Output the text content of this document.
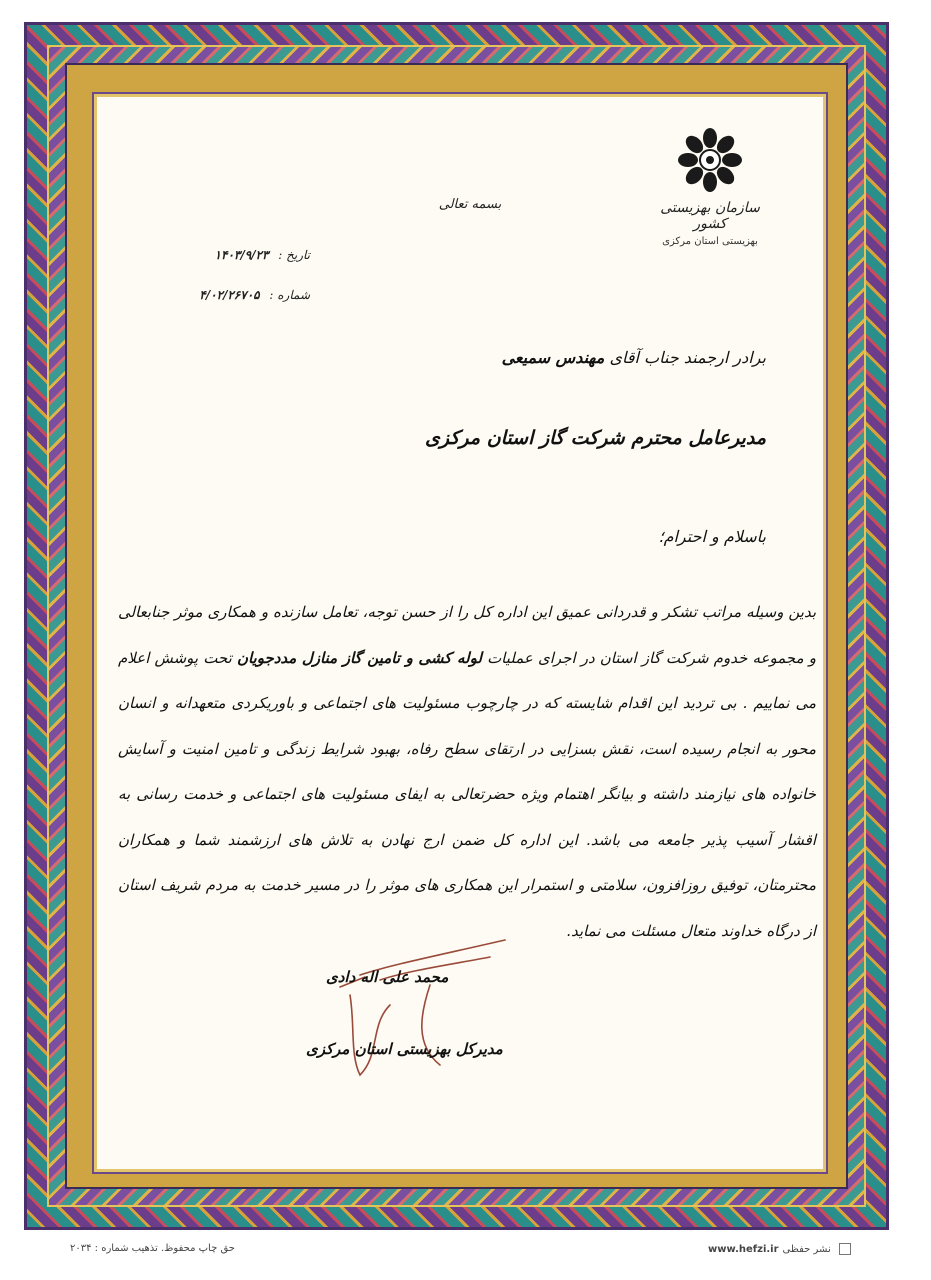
سازمان بهزیستی کشور
بهزیستی استان مرکزی
بسمه تعالی
تاریخ : ۱۴۰۳/۹/۲۳
شماره : ۴/۰۲/۲۶۷۰۵
برادر ارجمند جناب آقای مهندس سمیعی
مدیرعامل محترم شرکت گاز استان مرکزی
باسلام و احترام؛
بدین وسیله مراتب تشکر و قدردانی عمیق این اداره کل را از حسن توجه، تعامل سازنده و همکاری موثر جنابعالی و مجموعه خدوم شرکت گاز استان در اجرای عملیات لوله کشی و تامین گاز منازل مددجویان تحت پوشش اعلام می نماییم . بی تردید این اقدام شایسته که در چارچوب مسئولیت های اجتماعی و باوریکردی متعهدانه و انسان محور به انجام رسیده است، نقش بسزایی در ارتقای سطح رفاه، بهبود شرایط زندگی و تامین امنیت و آسایش خانواده های نیازمند داشته و بیانگر اهتمام ویژه حضرتعالی به ایفای مسئولیت های اجتماعی و خدمت رسانی به اقشار آسیب پذیر جامعه می باشد. این اداره کل ضمن ارج نهادن به تلاش های ارزشمند شما و همکاران محترمتان، توفیق روزافزون، سلامتی و استمرار این همکاری های موثر را در مسیر خدمت به مردم شریف استان از درگاه خداوند متعال مسئلت می نماید.
محمد علی اله دادی
مدیرکل بهزیستی استان مرکزی
حق چاپ محفوظ. تذهیب شماره : ۲۰۳۴	www.hefzi.ir نشر حفظی
